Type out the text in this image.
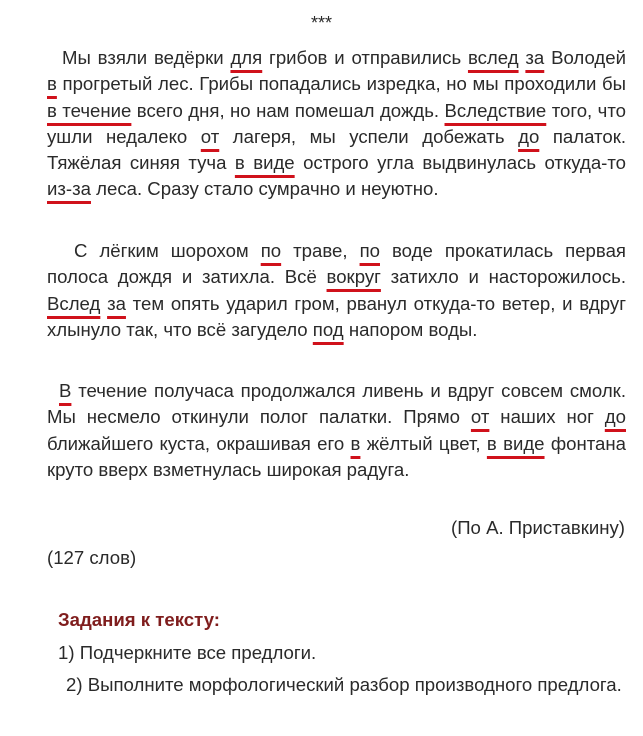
***
Мы взяли ведёрки для грибов и отправились вслед за Володей в прогретый лес. Грибы попадались изредка, но мы проходили бы в течение всего дня, но нам помешал дождь. Вследствие того, что ушли недалеко от лагеря, мы успели добежать до палаток. Тяжёлая синяя туча в виде острого угла выдвинулась откуда-то из-за леса. Сразу стало сумрачно и неуютно.
С лёгким шорохом по траве, по воде прокатилась первая полоса дождя и затихла. Всё вокруг затихло и насторожилось. Вслед за тем опять ударил гром, рванул откуда-то ветер, и вдруг хлынуло так, что всё загудело под напором воды.
В течение получаса продолжался ливень и вдруг совсем смолк. Мы несмело откинули полог палатки. Прямо от наших ног до ближайшего куста, окрашивая его в жёлтый цвет, в виде фонтана круто вверх взметнулась широкая радуга.
(По А. Приставкину)
(127 слов)
Задания к тексту:
1) Подчеркните все предлоги.
2) Выполните морфологический разбор производного предлога.
